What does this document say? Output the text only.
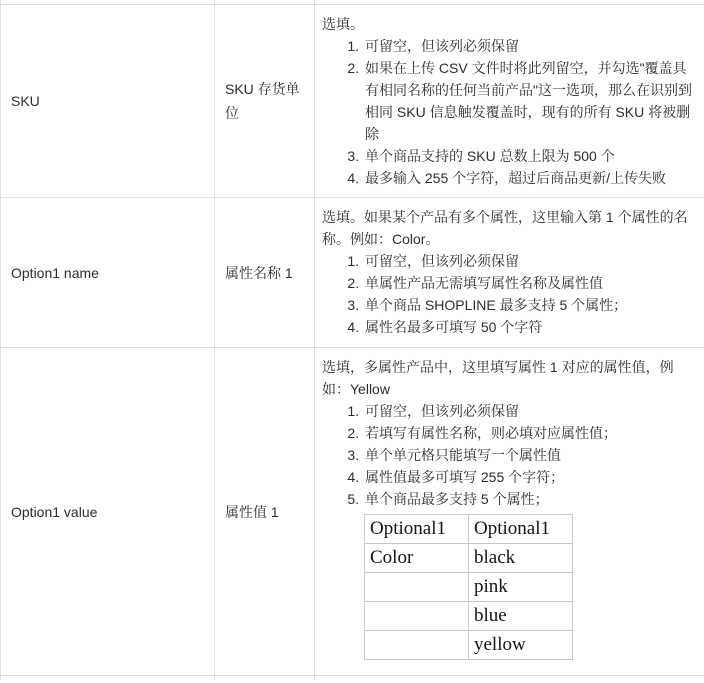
SKU	SKU 存货单位	

选填。

1. 可留空，但该列必须保留
2. 如果在上传 CSV 文件时将此列留空，并勾选"覆盖具有相同名称的任何当前产品"这一选项，那么在识别到相同 SKU 信息触发覆盖时，现有的所有 SKU 将被删除
3. 单个商品支持的 SKU 总数上限为 500 个
4. 最多输入 255 个字符，超过后商品更新/上传失败

Option1 name	属性名称 1	

选填。如果某个产品有多个属性，这里输入第 1 个属性的名称。例如：Color。

1. 可留空，但该列必须保留
2. 单属性产品无需填写属性名称及属性值
3. 单个商品 SHOPLINE 最多支持 5 个属性；
4. 属性名最多可填写 50 个字符

Option1 value	属性值 1	

选填，多属性产品中，这里填写属性 1 对应的属性值，例如：Yellow

1. 可留空，但该列必须保留
2. 若填写有属性名称，则必填对应属性值；
3. 单个单元格只能填写一个属性值
4. 属性值最多可填写 255 个字符；
5. 单个商品最多支持 5 个属性；
Optional1	Optional1
Color	black
	pink
	blue
	yellow
